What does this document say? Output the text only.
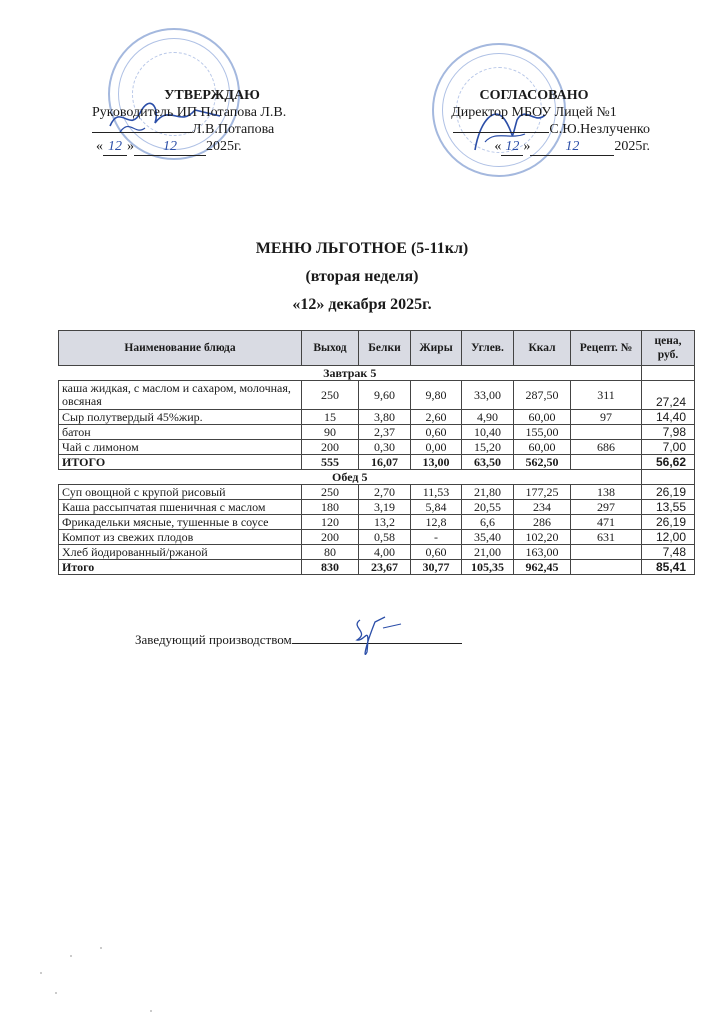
УТВЕРЖДАЮ
Руководитель ИП Потапова Л.В.
Л.В.Потапова
« 12 » 12 2025г.
СОГЛАСОВАНО
Директор МБОУ Лицей №1
С.Ю.Незлученко
« 12 »	12	2025г.
МЕНЮ ЛЬГОТНОЕ (5-11кл)
(вторая неделя)
«12» декабря 2025г.
Наименование блюда	Выход	Белки	Жиры	Углев.	Ккал	Рецепт. №	цена, руб.
Завтрак 5							
каша жидкая, с маслом и сахаром, молочная, овсяная	250	9,60	9,80	33,00	287,50	311	27,24
Сыр полутвердый 45%жир.	15	3,80	2,60	4,90	60,00	97	14,40
батон	90	2,37	0,60	10,40	155,00		7,98
Чай с лимоном	200	0,30	0,00	15,20	60,00	686	7,00
ИТОГО	555	16,07	13,00	63,50	562,50		56,62
Обед 5							
Суп овощной с крупой рисовый	250	2,70	11,53	21,80	177,25	138	26,19
Каша рассыпчатая пшеничная с маслом	180	3,19	5,84	20,55	234	297	13,55
Фрикадельки мясные, тушенные в соусе	120	13,2	12,8	6,6	286	471	26,19
Компот из свежих плодов	200	0,58	-	35,40	102,20	631	12,00
Хлеб йодированный/ржаной	80	4,00	0,60	21,00	163,00		7,48
Итого	830	23,67	30,77	105,35	962,45		85,41
Заведующий производством
